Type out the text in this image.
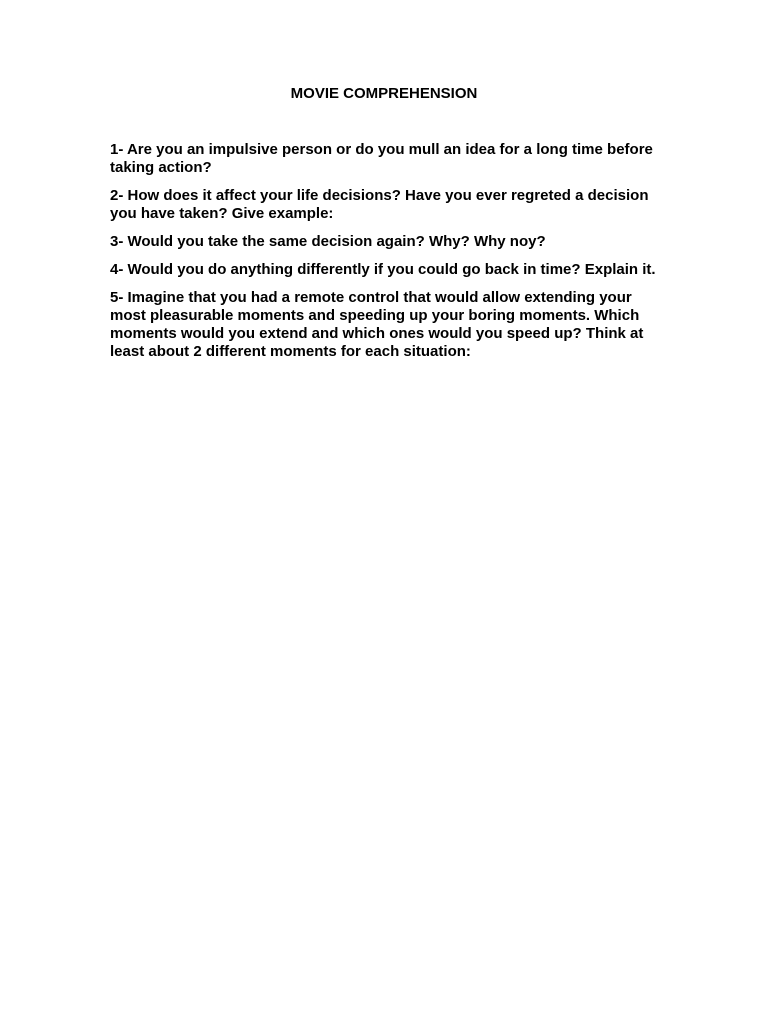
MOVIE COMPREHENSION

1- Are you an impulsive person or do you mull an idea for a long time before taking action?

2- How does it affect your life decisions? Have you ever regreted a decision you have taken? Give example:

3- Would you take the same decision again? Why? Why noy?

4- Would you do anything differently if you could go back in time? Explain it.

5- Imagine that you had a remote control that would allow extending your most pleasurable moments and speeding up your boring moments. Which moments would you extend and which ones would you speed up? Think at least about 2 different moments for each situation:
